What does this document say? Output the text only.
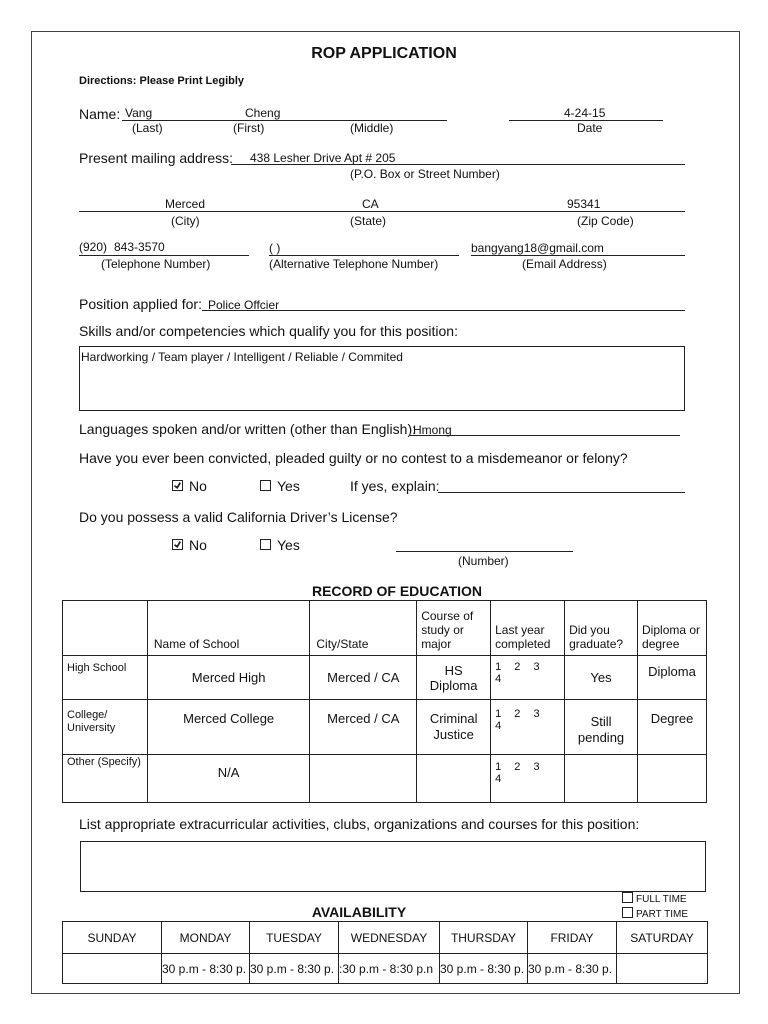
ROP APPLICATION
Directions: Please Print Legibly
Name: Vang	Cheng
(Last)	(First)	(Middle)
4-24-15
Date
Present mailing address: 438 Lesher Drive Apt # 205
(P.O. Box or Street Number)
Merced	CA	95341
(City)	(State)	(Zip Code)
(920) 843-3570	( )	bangyang18@gmail.com
(Telephone Number)	(Alternative Telephone Number)	(Email Address)
Position applied for: Police Offcier
Skills and/or competencies which qualify you for this position:
Hardworking / Team player / Intelligent / Reliable / Commited
Languages spoken and/or written (other than English):
Hmong
Have you ever been convicted, pleaded guilty or no contest to a misdemeanor or felony?
No	Yes	If yes, explain:
Do you possess a valid California Driver’s License?
No	Yes
(Number)
RECORD OF EDUCATION
	Name of School	City/State	Course of study or major	Last year completed	Did you graduate?	Diploma or degree
High School	Merced High	Merced / CA	HS Diploma	1 2 3 4	Yes	Diploma
College/ University	Merced College	Merced / CA	Criminal Justice	1 2 3 4	Still pending	Degree
Other (Specify)	N/A			1 2 3 4		
List appropriate extracurricular activities, clubs, organizations and courses for this position:
FULL TIME
PART TIME
AVAILABILITY
SUNDAY	MONDAY	TUESDAY	WEDNESDAY	THURSDAY	FRIDAY	SATURDAY
	30 p.m - 8:30 p.	30 p.m - 8:30 p.	:30 p.m - 8:30 p.n	30 p.m - 8:30 p.	30 p.m - 8:30 p.	
